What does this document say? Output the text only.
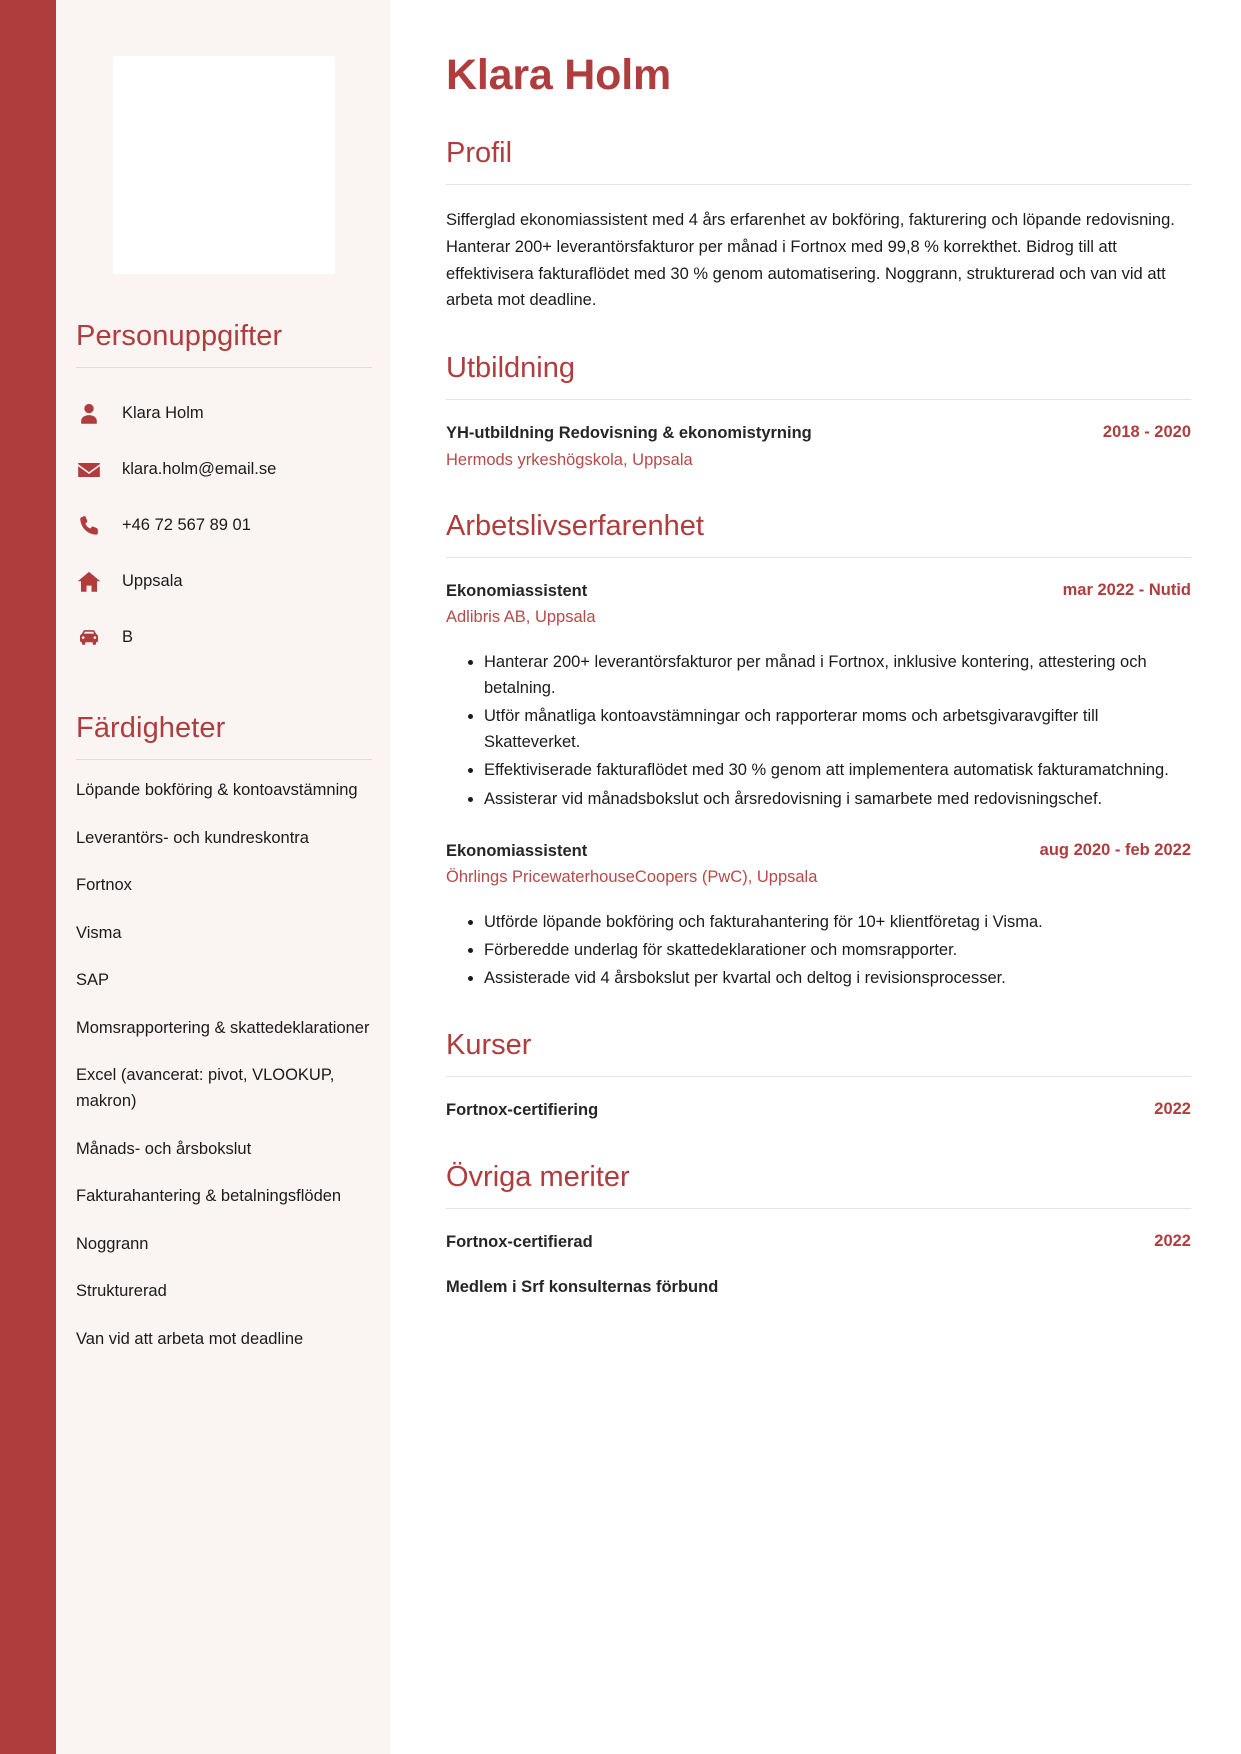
Personuppgifter
Klara Holm
klara.holm@email.se
+46 72 567 89 01
Uppsala
B
Färdigheter
Löpande bokföring & kontoavstämning
Leverantörs- och kundreskontra
Fortnox
Visma
SAP
Momsrapportering & skattedeklarationer
Excel (avancerat: pivot, VLOOKUP, makron)
Månads- och årsbokslut
Fakturahantering & betalningsflöden
Noggrann
Strukturerad
Van vid att arbeta mot deadline
Klara Holm
Profil

Sifferglad ekonomiassistent med 4 års erfarenhet av bokföring, fakturering och löpande redovisning. Hanterar 200+ leverantörsfakturor per månad i Fortnox med 99,8 % korrekthet. Bidrog till att effektivisera fakturaflödet med 30 % genom automatisering. Noggrann, strukturerad och van vid att arbeta mot deadline.

Utbildning
YH-utbildning Redovisning & ekonomistyrning	2018 - 2020
Hermods yrkeshögskola, Uppsala
Arbetslivserfarenhet
Ekonomiassistent	mar 2022 - Nutid
Adlibris AB, Uppsala
• Hanterar 200+ leverantörsfakturor per månad i Fortnox, inklusive kontering, attestering och betalning.
• Utför månatliga kontoavstämningar och rapporterar moms och arbetsgivaravgifter till Skatteverket.
• Effektiviserade fakturaflödet med 30 % genom att implementera automatisk fakturamatchning.
• Assisterar vid månadsbokslut och årsredovisning i samarbete med redovisningschef.
Ekonomiassistent	aug 2020 - feb 2022
Öhrlings PricewaterhouseCoopers (PwC), Uppsala
• Utförde löpande bokföring och fakturahantering för 10+ klientföretag i Visma.
• Förberedde underlag för skattedeklarationer och momsrapporter.
• Assisterade vid 4 årsbokslut per kvartal och deltog i revisionsprocesser.
Kurser
Fortnox-certifiering	2022
Övriga meriter
Fortnox-certifierad	2022
Medlem i Srf konsulternas förbund
